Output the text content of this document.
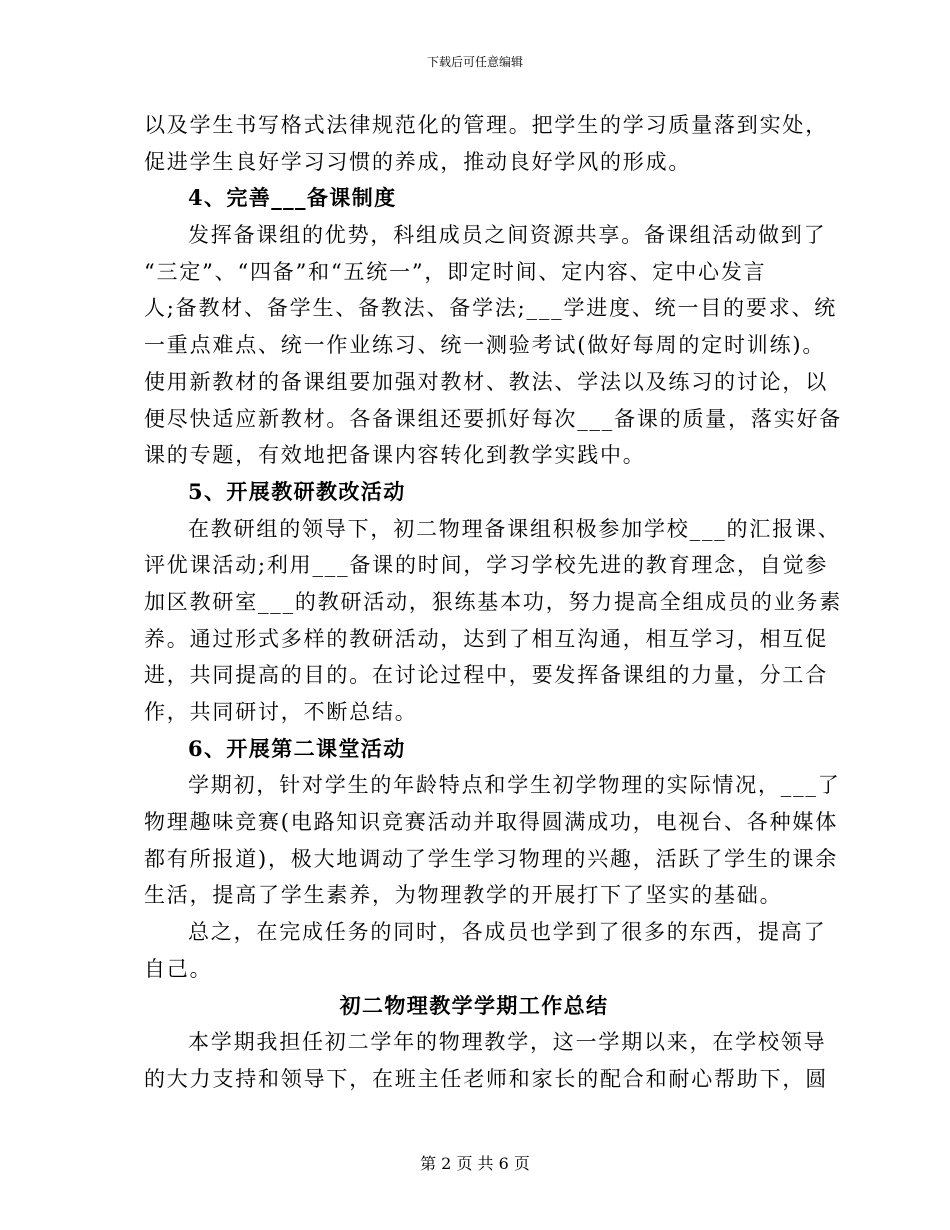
下载后可任意编辑
以及学生书写格式法律规范化的管理。把学生的学习质量落到实处，
促进学生良好学习习惯的养成，推动良好学风的形成。
4、完善___备课制度
发挥备课组的优势，科组成员之间资源共享。备课组活动做到了
“三定”、“四备”和“五统一”，即定时间、定内容、定中心发言
人;备教材、备学生、备教法、备学法;___学进度、统一目的要求、统
一重点难点、统一作业练习、统一测验考试(做好每周的定时训练)。
使用新教材的备课组要加强对教材、教法、学法以及练习的讨论，以
便尽快适应新教材。各备课组还要抓好每次___备课的质量，落实好备
课的专题，有效地把备课内容转化到教学实践中。
5、开展教研教改活动
在教研组的领导下，初二物理备课组积极参加学校___的汇报课、
评优课活动;利用___备课的时间，学习学校先进的教育理念，自觉参
加区教研室___的教研活动，狠练基本功，努力提高全组成员的业务素
养。通过形式多样的教研活动，达到了相互沟通，相互学习，相互促
进，共同提高的目的。在讨论过程中，要发挥备课组的力量，分工合
作，共同研讨，不断总结。
6、开展第二课堂活动
学期初，针对学生的年龄特点和学生初学物理的实际情况，___了
物理趣味竞赛(电路知识竞赛活动并取得圆满成功，电视台、各种媒体
都有所报道)，极大地调动了学生学习物理的兴趣，活跃了学生的课余
生活，提高了学生素养，为物理教学的开展打下了坚实的基础。
总之，在完成任务的同时，各成员也学到了很多的东西，提高了
自己。
初二物理教学学期工作总结
本学期我担任初二学年的物理教学，这一学期以来，在学校领导
的大力支持和领导下，在班主任老师和家长的配合和耐心帮助下，圆
第 2 页 共 6 页
